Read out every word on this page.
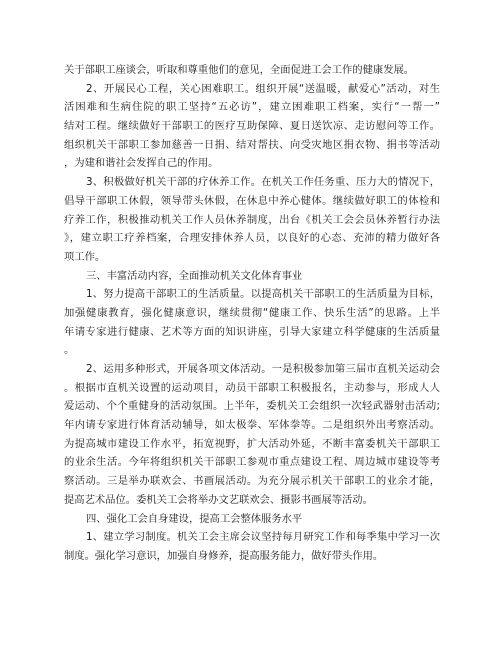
关于部职工座谈会，听取和尊重他们的意见，全面促进工会工作的健康发展。
2、开展民心工程，关心困难职工。组织开展“送温暖，献爱心”活动，对生
活困难和生病住院的职工坚持“五必访”，建立困难职工档案，实行“一帮一”
结对工程。继续做好干部职工的医疗互助保障、夏日送饮凉、走访慰问等工作。
组织机关干部职工参加慈善一日捐、结对帮扶、向受灾地区捐衣物、捐书等活动
，为建和谐社会发挥自己的作用。
3、积极做好机关干部的疗休养工作。在机关工作任务重、压力大的情况下，
倡导干部职工休假，领导带头休假，在休息中养心健体。继续做好职工的体检和
疗养工作，积极推动机关工作人员休养制度，出台《机关工会会员休养暂行办法
》，建立职工疗养档案，合理安排休养人员，以良好的心态、充沛的精力做好各
项工作。
三、丰富活动内容，全面推动机关文化体育事业
1、努力提高干部职工的生活质量。以提高机关干部职工的生活质量为目标，
加强健康教育，强化健康意识，继续贯彻“健康工作、快乐生活”的思路。上半
年请专家进行健康、艺术等方面的知识讲座，引导大家建立科学健康的生活质量
。
2、运用多种形式，开展各项文体活动。一是积极参加第三届市直机关运动会
。根据市直机关设置的运动项目，动员干部职工积极报名，主动参与，形成人人
爱运动、个个重健身的活动氛围。上半年，委机关工会组织一次轻武器射击活动;
年内请专家进行体育活动辅导，如太极拳、军体拳等。二是组织外出考察活动。
为提高城市建设工作水平，拓宽视野，扩大活动外延，不断丰富委机关干部职工
的业余生活。今年将组织机关干部职工参观市重点建设工程、周边城市建设等考
察活动。三是举办联欢会、书画展活动。为充分展示机关干部职工的业余才能，
提高艺术品位。委机关工会将举办文艺联欢会、摄影书画展等活动。
四、强化工会自身建设，提高工会整体服务水平
1、建立学习制度。机关工会主席会议坚持每月研究工作和每季集中学习一次
制度。强化学习意识，加强自身修养，提高服务能力，做好带头作用。
